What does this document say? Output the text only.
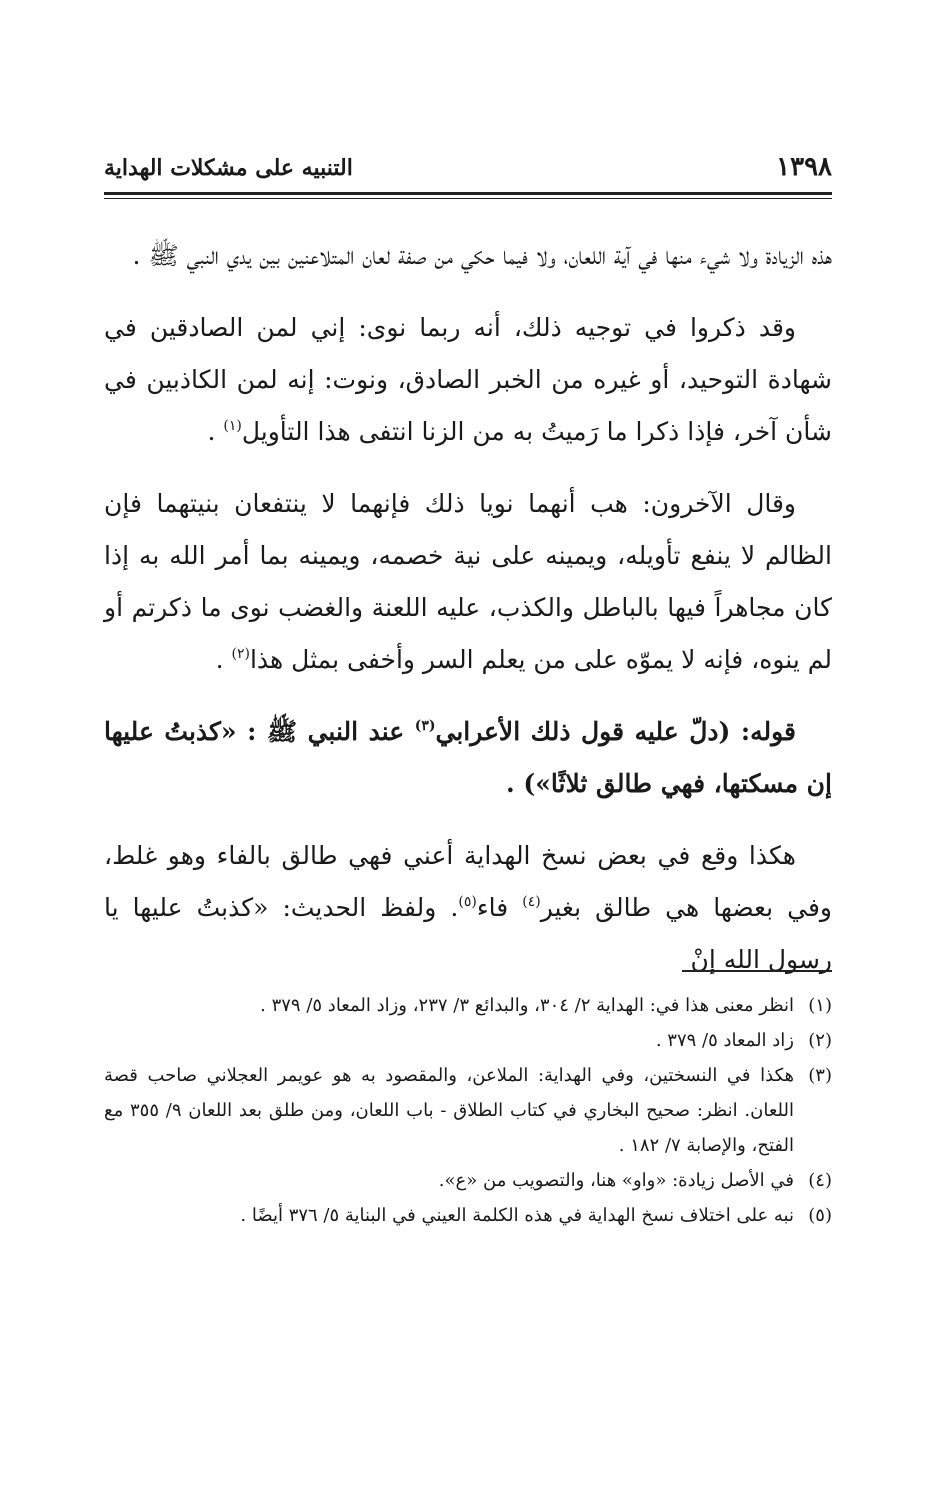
١٣٩٨
التنبيه على مشكلات الهداية

هذه الزيادة ولا شيء منها في آية اللعان، ولا فيما حكي من صفة لعان المتلاعنين بين يدي النبي ﷺ .

وقد ذكروا في توجيه ذلك، أنه ربما نوى: إني لمن الصادقين في شهادة التوحيد، أو غيره من الخبر الصادق، ونوت: إنه لمن الكاذبين في شأن آخر، فإذا ذكرا ما رَميتُ به من الزنا انتفى هذا التأويل$^{(١)}$ .

وقال الآخرون: هب أنهما نويا ذلك فإنهما لا ينتفعان بنيتهما فإن الظالم لا ينفع تأويله، ويمينه على نية خصمه، ويمينه بما أمر الله به إذا كان مجاهراً فيها بالباطل والكذب، عليه اللعنة والغضب نوى ما ذكرتم أو لم ينوه، فإنه لا يموّه على من يعلم السر وأخفى بمثل هذا$^{(٢)}$ .

قوله: (دلّ عليه قول ذلك الأعرابي$^{(٣)}$ عند النبي ﷺ : «كذبتُ عليها إن مسكتها، فهي طالق ثلاثًا») .

هكذا وقع في بعض نسخ الهداية أعني فهي طالق بالفاء وهو غلط، وفي بعضها هي طالق بغير$^{(٤)}$ فاء$^{(٥)}$. ولفظ الحديث: «كذبتُ عليها يا رسول الله إنْ

(١)
انظر معنى هذا في: الهداية ٢/ ٣٠٤، والبدائع ٣/ ٢٣٧، وزاد المعاد ٥/ ٣٧٩ .
(٢)
زاد المعاد ٥/ ٣٧٩ .
(٣)
هكذا في النسختين، وفي الهداية: الملاعن، والمقصود به هو عويمر العجلاني صاحب قصة اللعان. انظر: صحيح البخاري في كتاب الطلاق - باب اللعان، ومن طلق بعد اللعان ٩/ ٣٥٥ مع الفتح، والإصابة ٧/ ١٨٢ .
(٤)
في الأصل زيادة: «واو» هنا، والتصويب من «ع».
(٥)
نبه على اختلاف نسخ الهداية في هذه الكلمة العيني في البناية ٥/ ٣٧٦ أيضًا .
